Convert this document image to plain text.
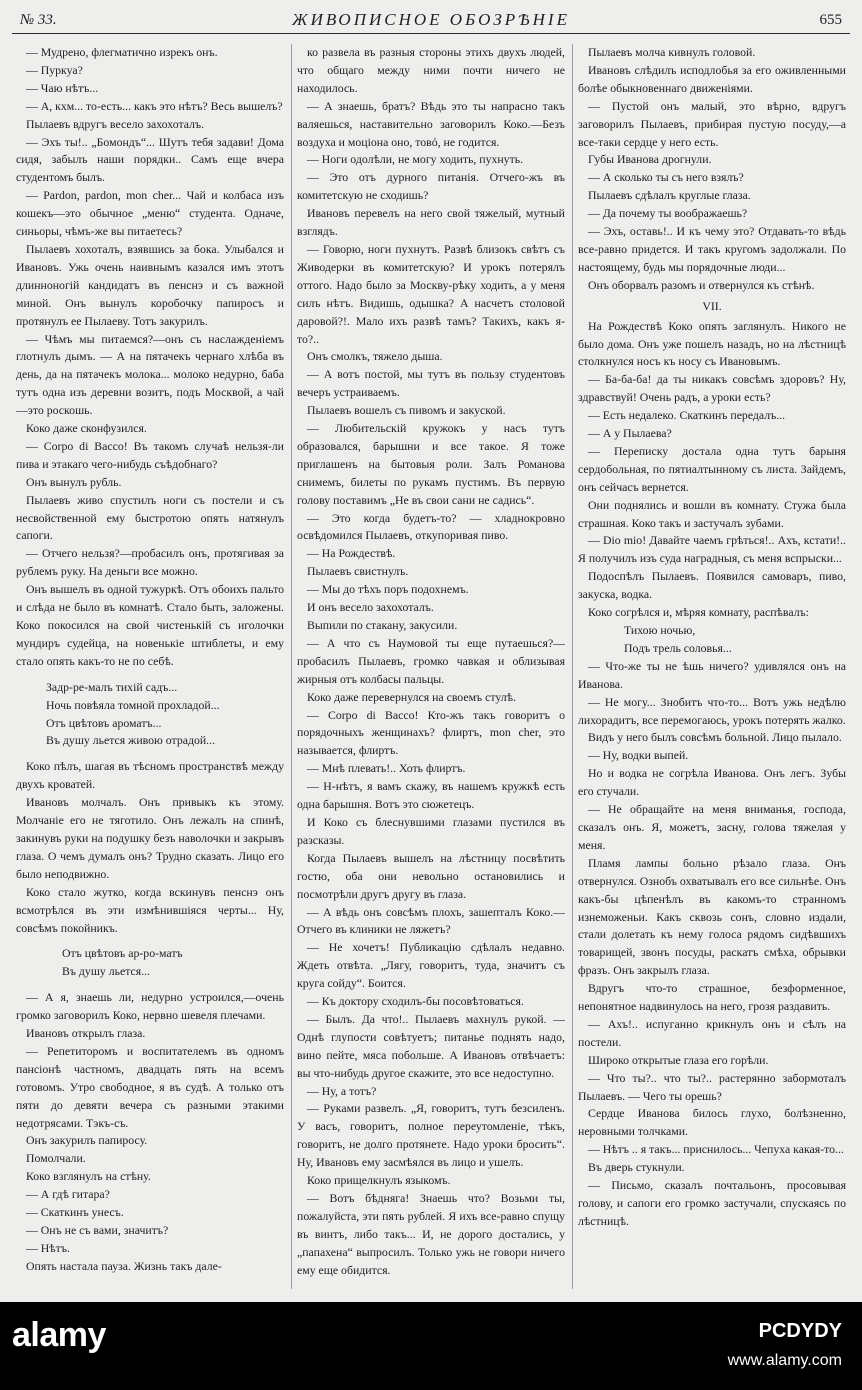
№ 33.	ЖИВОПИСНОЕ ОБОЗРѢНІЕ	655

— Мудрено, флегматично изрекъ онъ.

— Пуркуа?

— Чаю нѣтъ...

— А, кхм... то-есть... какъ это нѣтъ? Весь вышелъ?

Пылаевъ вдругъ весело захохоталъ.

— Эхъ ты!.. „Бомондъ“... Шутъ тебя задави! Дома сидя, забылъ наши порядки.. Самъ еще вчера студентомъ былъ.

— Pardon, pardon, mon cher... Чай и колбаса изъ кошекъ—это обычное „меню“ студента. Одначе, синьоры, чѣмъ-же вы питаетесь?

Пылаевъ хохоталъ, взявшись за бока. Улыбался и Ивановъ. Ужь очень наивнымъ казался имъ этотъ длинноногій кандидатъ въ пенснэ и съ важной миной. Онъ вынулъ коробочку папиросъ и протянулъ ее Пылаеву. Тотъ закурилъ.

— Чѣмъ мы питаемся?—онъ съ наслажденіемъ глотнулъ дымъ. — А на пятачекъ чернаго хлѣба въ день, да на пятачекъ молока... молоко недурно, баба тутъ одна изъ деревни возитъ, подъ Москвой, а чай—это роскошь.

Коко даже сконфузился.

— Corpo di Bacco! Въ такомъ случаѣ нельзя-ли пива и этакаго чего-нибудь съѣдобнаго?

Онъ вынулъ рубль.

Пылаевъ живо спустилъ ноги съ постели и съ несвойственной ему быстротою опять натянулъ сапоги.

— Отчего нельзя?—пробасилъ онъ, протягивая за рублемъ руку. На деньги все можно.

Онъ вышелъ въ одной тужуркѣ. Отъ обоихъ пальто и слѣда не было въ комнатѣ. Стало быть, заложены. Коко покосился на свой чистенькій съ иголочки мундиръ судейца, на новенькіе штиблеты, и ему стало опять какъ-то не по себѣ.

Задр-ре-малъ тихій садъ...

Ночь повѣяла томной прохладой...

Отъ цвѣтовъ ароматъ...

Въ душу льется живою отрадой...

Коко пѣлъ, шагая въ тѣсномъ пространствѣ между двухъ кроватей.

Ивановъ молчалъ. Онъ привыкъ къ этому. Молчаніе его не тяготило. Онъ лежалъ на спинѣ, закинувъ руки на подушку безъ наволочки и закрывъ глаза. О чемъ думалъ онъ? Трудно сказать. Лицо его было неподвижно.

Коко стало жутко, когда вскинувъ пенснэ онъ всмотрѣлся въ эти измѣнившіяся черты... Ну, совсѣмъ покойникъ.

Отъ цвѣтовъ ар-ро-матъ

Въ душу льется...

— А я, знаешь ли, недурно устроился,—очень громко заговорилъ Коко, нервно шевеля плечами.

Ивановъ открылъ глаза.

— Репетиторомъ и воспитателемъ въ одномъ пансіонѣ частномъ, двадцать пять на всемъ готовомъ. Утро свободное, я въ судѣ. А только отъ пяти до девяти вечера съ разными этакими недотрясами. Тэкъ-съ.

Онъ закурилъ папиросу.

Помолчали.

Коко взглянулъ на стѣну.

— А гдѣ гитара?

— Скаткинъ унесъ.

— Онъ не съ вами, значитъ?

— Нѣтъ.

Опять настала пауза. Жизнь такъ дале-

ко развела въ разныя стороны этихъ двухъ людей, что общаго между ними почти ничего не находилось.

— А знаешь, братъ? Вѣдь это ты напрасно такъ валяешься, наставительно заговорилъ Коко.—Безъ воздуха и моціона оно, товό, не годится.

— Ноги одолѣли, не могу ходить, пухнуть.

— Это отъ дурного питанія. Отчего-жъ въ комитетскую не сходишь?

Ивановъ перевелъ на него свой тяжелый, мутный взглядъ.

— Говорю, ноги пухнутъ. Развѣ близокъ свѣтъ съ Живодерки въ комитетскую? И урокъ потерялъ оттого. Надо было за Москву-рѣку ходить, а у меня силъ нѣтъ. Видишь, одышка? А насчетъ столовой даровой?!. Мало ихъ развѣ тамъ? Такихъ, какъ я-то?..

Онъ смолкъ, тяжело дыша.

— А вотъ постой, мы тутъ въ пользу студентовъ вечеръ устраиваемъ.

Пылаевъ вошелъ съ пивомъ и закуской.

— Любительскій кружокъ у насъ тутъ образовался, барышни и все такое. Я тоже приглашенъ на бытовыя роли. Залъ Романова снимемъ, билеты по рукамъ пустимъ. Въ первую голову поставимъ „Не въ свои сани не садись“.

— Это когда будетъ-то? — хладнокровно освѣдомился Пылаевъ, откупоривая пиво.

— На Рождествѣ.

Пылаевъ свистнулъ.

— Мы до тѣхъ поръ подохнемъ.

И онъ весело захохоталъ.

Выпили по стакану, закусили.

— А что съ Наумовой ты еще путаешься?—пробасилъ Пылаевъ, громко чавкая и облизывая жирныя отъ колбасы пальцы.

Коко даже перевернулся на своемъ стулѣ.

— Corpo di Bacco! Кто-жъ такъ говоритъ о порядочныхъ женщинахъ? флиртъ, mon cher, это называется, флиртъ.

— Мнѣ плевать!.. Хоть флиртъ.

— Н-нѣтъ, я вамъ скажу, въ нашемъ кружкѣ есть одна барышня. Вотъ это сюжетецъ.

И Коко съ блеснувшими глазами пустился въ разсказы.

Когда Пылаевъ вышелъ на лѣстницу посвѣтить гостю, оба они невольно остановились и посмотрѣли другъ другу въ глаза.

— А вѣдь онъ совсѣмъ плохъ, зашепталъ Коко.—Отчего въ клиники не ляжетъ?

— Не хочетъ! Публикацію сдѣлалъ недавно. Ждеть отвѣта. „Лягу, говоритъ, туда, значитъ съ круга сойду“. Боится.

— Къ доктору сходилъ-бы посовѣтоваться.

— Былъ. Да что!.. Пылаевъ махнулъ рукой. — Однѣ глупости совѣтуетъ; питанье поднять надо, вино пейте, мяса побольше. А Ивановъ отвѣчаетъ: вы что-нибудь другое скажите, это все недоступно.

— Ну, а тотъ?

— Руками развелъ. „Я, говоритъ, тутъ безсиленъ. У васъ, говоритъ, полное переутомленіе, тѣкъ, говоритъ, не долго протянете. Надо уроки бросить“. Ну, Ивановъ ему засмѣялся въ лицо и ушелъ.

Коко прищелкнулъ языкомъ.

— Вотъ бѣдняга! Знаешь что? Возьми ты, пожалуйста, эти пять рублей. Я ихъ все-равно спущу въ винтъ, либо такъ... И, не дорого достались, у „папахена“ выпросилъ. Только ужь не говори ничего ему еще обидится.

Пылаевъ молча кивнулъ головой.

Ивановъ слѣдилъ исподлобья за его оживленными болѣе обыкновеннаго движеніями.

— Пустой онъ малый, это вѣрно, вдругъ заговорилъ Пылаевъ, прибирая пустую посуду,—а все-таки сердце у него есть.

Губы Иванова дрогнули.

— А сколько ты съ него взялъ?

Пылаевъ сдѣлалъ круглые глаза.

— Да почему ты воображаешь?

— Эхъ, оставь!.. И къ чему это? Отдавать-то вѣдь все-равно придется. И такъ кругомъ задолжали. По настоящему, будь мы порядочные люди...

Онъ оборвалъ разомъ и отвернулся къ стѣнѣ.

VII.

На Рождествѣ Коко опять заглянулъ. Никого не было дома. Онъ уже пошелъ назадъ, но на лѣстницѣ столкнулся носъ къ носу съ Ивановымъ.

— Ба-ба-ба! да ты никакъ совсѣмъ здоровъ? Ну, здравствуй! Очень радъ, а уроки есть?

— Есть недалеко. Скаткинъ передалъ...

— А у Пылаева?

— Переписку достала одна тутъ барыня сердобольная, по пятиалтынному съ листа. Зайдемъ, онъ сейчасъ вернется.

Они поднялись и вошли въ комнату. Стужа была страшная. Коко такъ и застучалъ зубами.

— Dio mio! Давайте чаемъ грѣться!.. Ахъ, кстати!.. Я получилъ изъ суда наградныя, съ меня вспрыски...

Подоспѣлъ Пылаевъ. Появился самоваръ, пиво, закуска, водка.

Коко согрѣлся и, мѣряя комнату, распѣвалъ:

Тихою ночью,

Подъ трель соловья...

— Что-же ты не ѣшь ничего? удивлялся онъ на Иванова.

— Не могу... Знобитъ что-то... Вотъ ужь недѣлю лихорадитъ, все перемогаюсь, урокъ потерять жалко.

Видъ у него былъ совсѣмъ больной. Лицо пылало.

— Ну, водки выпей.

Но и водка не согрѣла Иванова. Онъ легъ. Зубы его стучали.

— Не обращайте на меня вниманья, господа, сказалъ онъ. Я, можетъ, засну, голова тяжелая у меня.

Пламя лампы больно рѣзало глаза. Онъ отвернулся. Ознобъ охватывалъ его все сильнѣе. Онъ какъ-бы цѣпенѣлъ въ какомъ-то странномъ изнеможеньи. Какъ сквозь сонъ, словно издали, стали долетать къ нему голоса рядомъ сидѣвшихъ товарищей, звонъ посуды, раскатъ смѣха, обрывки фразъ. Онъ закрылъ глаза.

Вдругъ что-то страшное, безформенное, непонятное надвинулось на него, грозя раздавить.

— Ахъ!.. испуганно крикнулъ онъ и сѣлъ на постели.

Широко открытые глаза его горѣли.

— Что ты?.. что ты?.. растерянно забормоталъ Пылаевъ. — Чего ты орешь?

Сердце Иванова билось глухо, болѣзненно, неровными толчками.

— Нѣтъ .. я такъ... приснилось... Чепуха какая-то...

Въ дверь стукнули.

— Письмо, сказалъ почтальонъ, просовывая голову, и сапоги его громко застучали, спускаясь по лѣстницѣ.

alamy	PCDYDY
www.alamy.com
